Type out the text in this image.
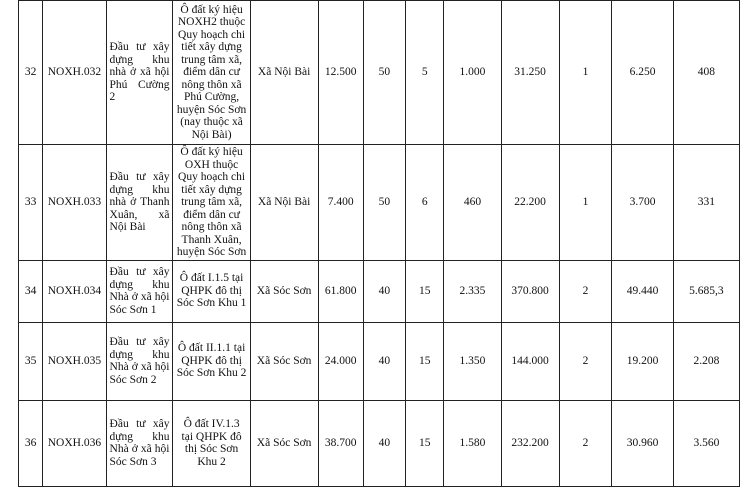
32	NOXH.032	Đầu tư xây dựng khu nhà ở xã hội Phú Cường 2	Ô đất ký hiệu NOXH2 thuộc Quy hoạch chi tiết xây dựng trung tâm xã, điểm dân cư nông thôn xã Phú Cường, huyện Sóc Sơn (nay thuộc xã Nội Bài)	Xã Nội Bài	12.500	50	5	1.000	31.250	1	6.250	408
33	NOXH.033	Đầu tư xây dựng khu nhà ở Thanh Xuân, xã Nội Bài	Ô đất ký hiệu OXH thuộc Quy hoạch chi tiết xây dựng trung tâm xã, điểm dân cư nông thôn xã Thanh Xuân, huyện Sóc Sơn	Xã Nội Bài	7.400	50	6	460	22.200	1	3.700	331
34	NOXH.034	Đầu tư xây dựng khu Nhà ở xã hội Sóc Sơn 1	Ô đất I.1.5 tại QHPK đô thị Sóc Sơn Khu 1	Xã Sóc Sơn	61.800	40	15	2.335	370.800	2	49.440	5.685,3
35	NOXH.035	Đầu tư xây dựng khu Nhà ở xã hội Sóc Sơn 2	Ô đất II.1.1 tại QHPK đô thị Sóc Sơn Khu 2	Xã Sóc Sơn	24.000	40	15	1.350	144.000	2	19.200	2.208
36	NOXH.036	Đầu tư xây dựng khu Nhà ở xã hội Sóc Sơn 3	Ô đất IV.1.3 tại QHPK đô thị Sóc Sơn Khu 2	Xã Sóc Sơn	38.700	40	15	1.580	232.200	2	30.960	3.560
